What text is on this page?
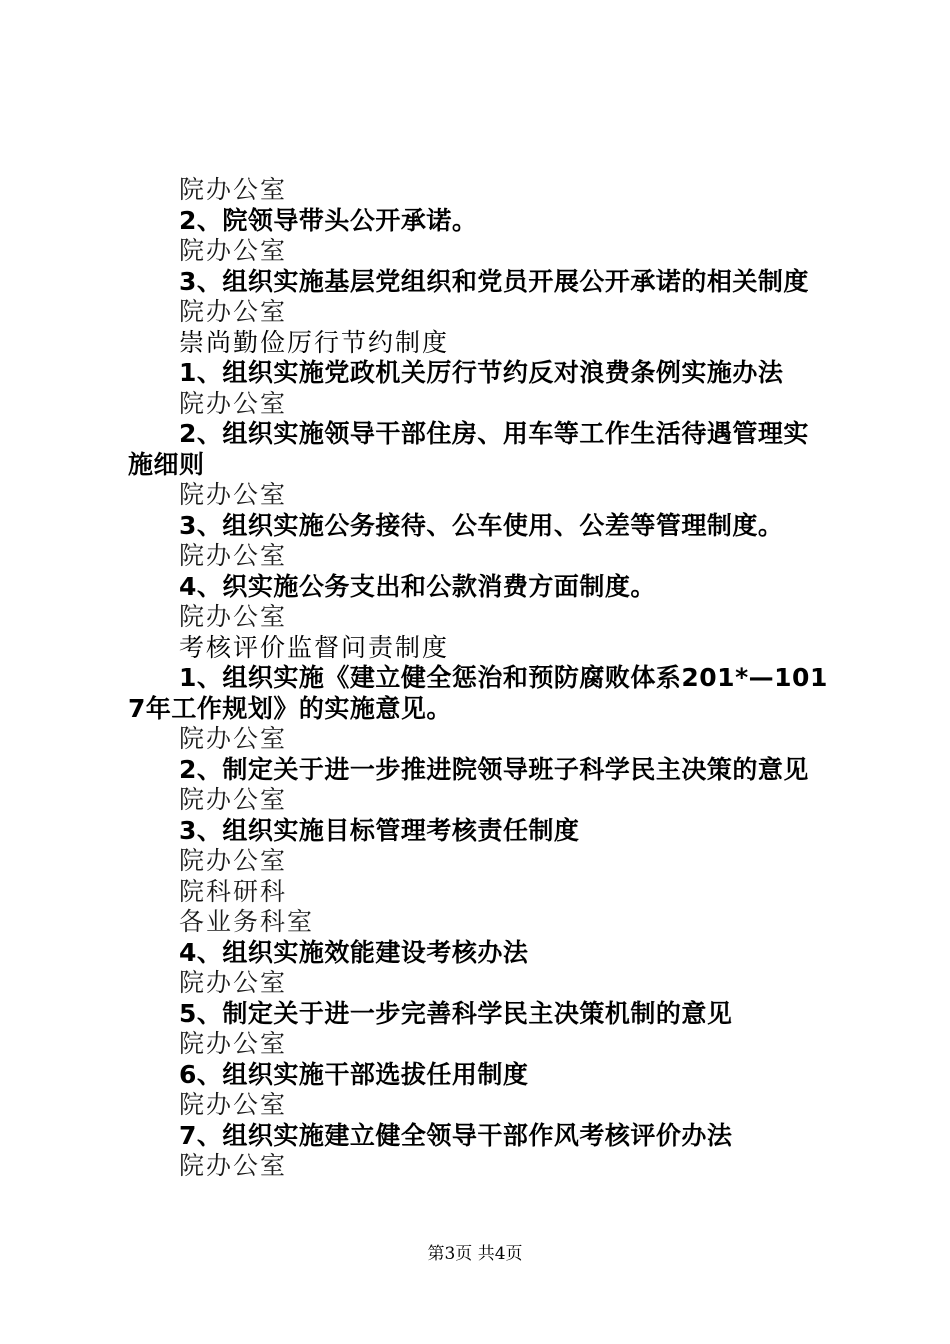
院办公室

2、院领导带头公开承诺。

院办公室

3、组织实施基层党组织和党员开展公开承诺的相关制度

院办公室

崇尚勤俭厉行节约制度

1、组织实施党政机关厉行节约反对浪费条例实施办法

院办公室

2、组织实施领导干部住房、用车等工作生活待遇管理实施细则

院办公室

3、组织实施公务接待、公车使用、公差等管理制度。

院办公室

4、织实施公务支出和公款消费方面制度。

院办公室

考核评价监督问责制度

1、组织实施《建立健全惩治和预防腐败体系201*—1017年工作规划》的实施意见。

院办公室

2、制定关于进一步推进院领导班子科学民主决策的意见

院办公室

3、组织实施目标管理考核责任制度

院办公室

院科研科

各业务科室

4、组织实施效能建设考核办法

院办公室

5、制定关于进一步完善科学民主决策机制的意见

院办公室

6、组织实施干部选拔任用制度

院办公室

7、组织实施建立健全领导干部作风考核评价办法

院办公室

第3页 共4页
